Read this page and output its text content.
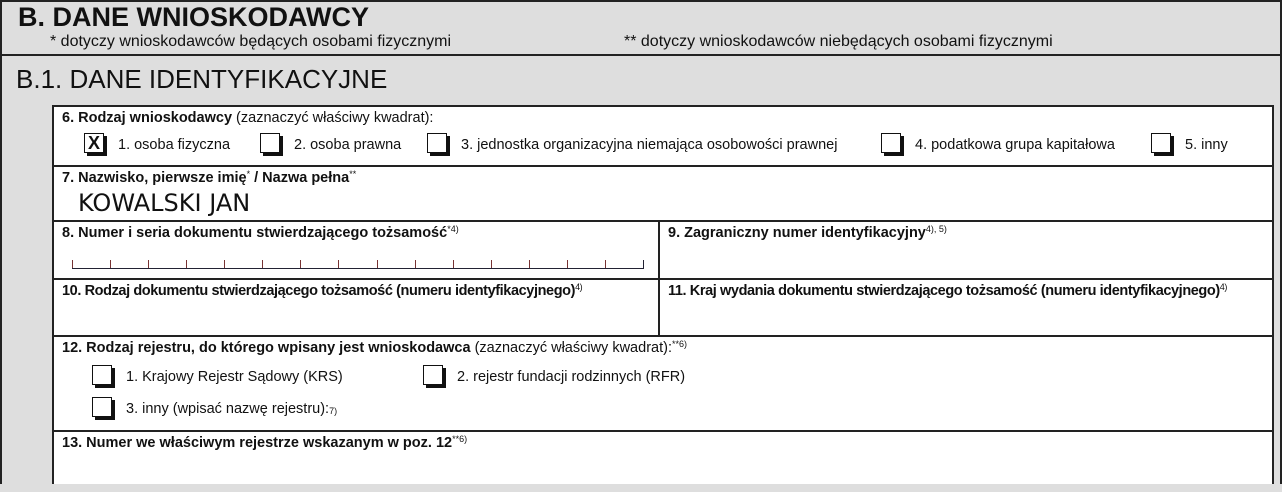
B. DANE WNIOSKODAWCY
* dotyczy wnioskodawców będących osobami fizycznymi	** dotyczy wnioskodawców niebędących osobami fizycznymi
B.1. DANE IDENTYFIKACYJNE
6. Rodzaj wnioskodawcy (zaznaczyć właściwy kwadrat):
X 1. osoba fizyczna	2. osoba prawna	3. jednostka organizacyjna niemająca osobowości prawnej	4. podatkowa grupa kapitałowa	5. inny
7. Nazwisko, pierwsze imię* / Nazwa pełna**
KOWALSKI JAN
8. Numer i seria dokumentu stwierdzającego tożsamość$^{*4)}$	9. Zagraniczny numer identyfikacyjny$^{4), 5)}$
10. Rodzaj dokumentu stwierdzającego tożsamość (numeru identyfikacyjnego)$^{4)}$	11. Kraj wydania dokumentu stwierdzającego tożsamość (numeru identyfikacyjnego)$^{4)}$
12. Rodzaj rejestru, do którego wpisany jest wnioskodawca (zaznaczyć właściwy kwadrat):$^{**6)}$
1. Krajowy Rejestr Sądowy (KRS)	2. rejestr fundacji rodzinnych (RFR)
3. inny (wpisać nazwę rejestru):$^{7)}$
13. Numer we właściwym rejestrze wskazanym w poz. 12$^{**6)}$
